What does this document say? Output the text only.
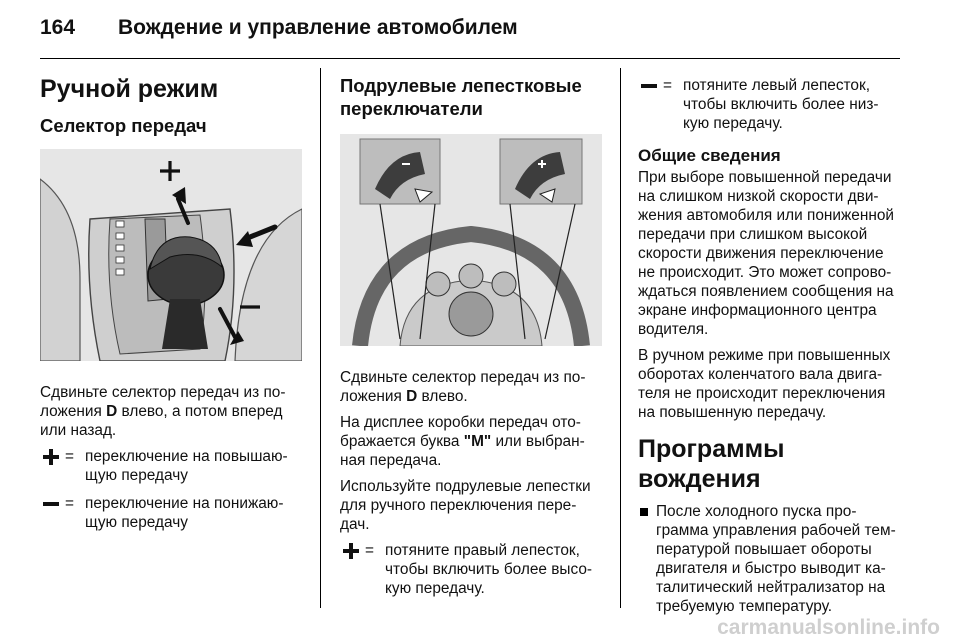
164 Вождение и управление автомобилем
Ручной режим
Селектор передач

Сдвиньте селектор передач из по-ложения D влево, а потом вперед или назад.

= переключение на повышаю-щую передачу
= переключение на понижаю-щую передачу
Подрулевые лепестковые переключатели

Сдвиньте селектор передач из по-ложения D влево.

На дисплее коробки передач ото-бражается буква "M" или выбран-ная передача.

Используйте подрулевые лепестки для ручного переключения пере-дач.

= потяните правый лепесток, чтобы включить более высо-кую передачу.
= потяните левый лепесток, чтобы включить более низ-кую передачу.
Общие сведения

При выборе повышенной передачи на слишком низкой скорости дви-жения автомобиля или пониженной передачи при слишком высокой скорости движения переключение не происходит. Это может сопрово-ждаться появлением сообщения на экране информационного центра водителя.

В ручном режиме при повышенных оборотах коленчатого вала двига-теля не происходит переключения на повышенную передачу.

Программы вождения
После холодного пуска про-грамма управления рабочей тем-пературой повышает обороты двигателя и быстро выводит ка-талитический нейтрализатор на требуемую температуру.
carmanualsonline.info
